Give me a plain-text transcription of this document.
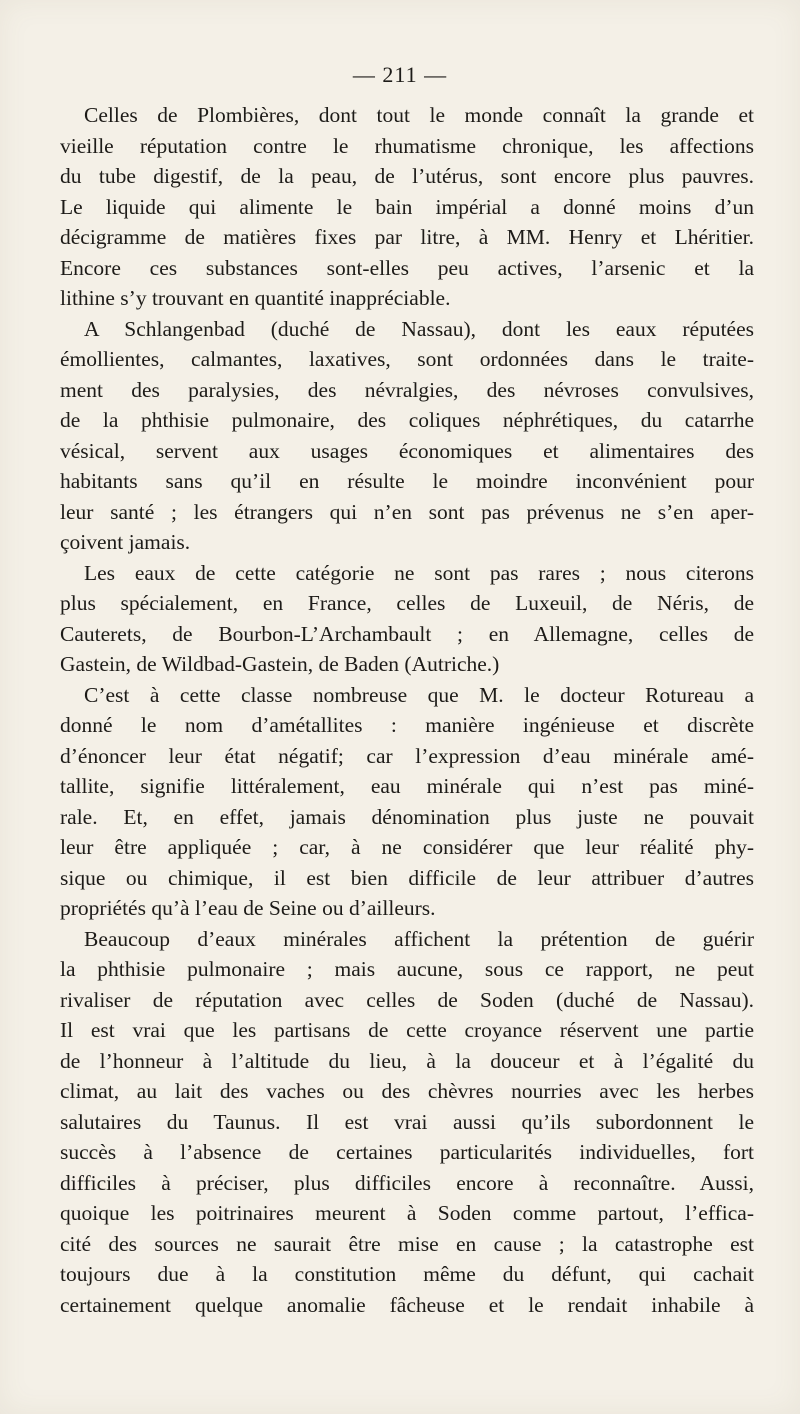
— 211 —
Celles de Plombières, dont tout le monde connaît la grande et
vieille réputation contre le rhumatisme chronique, les affections
du tube digestif, de la peau, de l’utérus, sont encore plus pauvres.
Le liquide qui alimente le bain impérial a donné moins d’un
décigramme de matières fixes par litre, à MM. Henry et Lhéritier.
Encore ces substances sont-elles peu actives, l’arsenic et la
lithine s’y trouvant en quantité inappréciable.
A Schlangenbad (duché de Nassau), dont les eaux réputées
émollientes, calmantes, laxatives, sont ordonnées dans le traite-
ment des paralysies, des névralgies, des névroses convulsives,
de la phthisie pulmonaire, des coliques néphrétiques, du catarrhe
vésical, servent aux usages économiques et alimentaires des
habitants sans qu’il en résulte le moindre inconvénient pour
leur santé ; les étrangers qui n’en sont pas prévenus ne s’en aper-
çoivent jamais.
Les eaux de cette catégorie ne sont pas rares ; nous citerons
plus spécialement, en France, celles de Luxeuil, de Néris, de
Cauterets, de Bourbon-L’Archambault ; en Allemagne, celles de
Gastein, de Wildbad-Gastein, de Baden (Autriche.)
C’est à cette classe nombreuse que M. le docteur Rotureau a
donné le nom d’amétallites : manière ingénieuse et discrète
d’énoncer leur état négatif; car l’expression d’eau minérale amé-
tallite, signifie littéralement, eau minérale qui n’est pas miné-
rale. Et, en effet, jamais dénomination plus juste ne pouvait
leur être appliquée ; car, à ne considérer que leur réalité phy-
sique ou chimique, il est bien difficile de leur attribuer d’autres
propriétés qu’à l’eau de Seine ou d’ailleurs.
Beaucoup d’eaux minérales affichent la prétention de guérir
la phthisie pulmonaire ; mais aucune, sous ce rapport, ne peut
rivaliser de réputation avec celles de Soden (duché de Nassau).
Il est vrai que les partisans de cette croyance réservent une partie
de l’honneur à l’altitude du lieu, à la douceur et à l’égalité du
climat, au lait des vaches ou des chèvres nourries avec les herbes
salutaires du Taunus. Il est vrai aussi qu’ils subordonnent le
succès à l’absence de certaines particularités individuelles, fort
difficiles à préciser, plus difficiles encore à reconnaître. Aussi,
quoique les poitrinaires meurent à Soden comme partout, l’effica-
cité des sources ne saurait être mise en cause ; la catastrophe est
toujours due à la constitution même du défunt, qui cachait
certainement quelque anomalie fâcheuse et le rendait inhabile à
